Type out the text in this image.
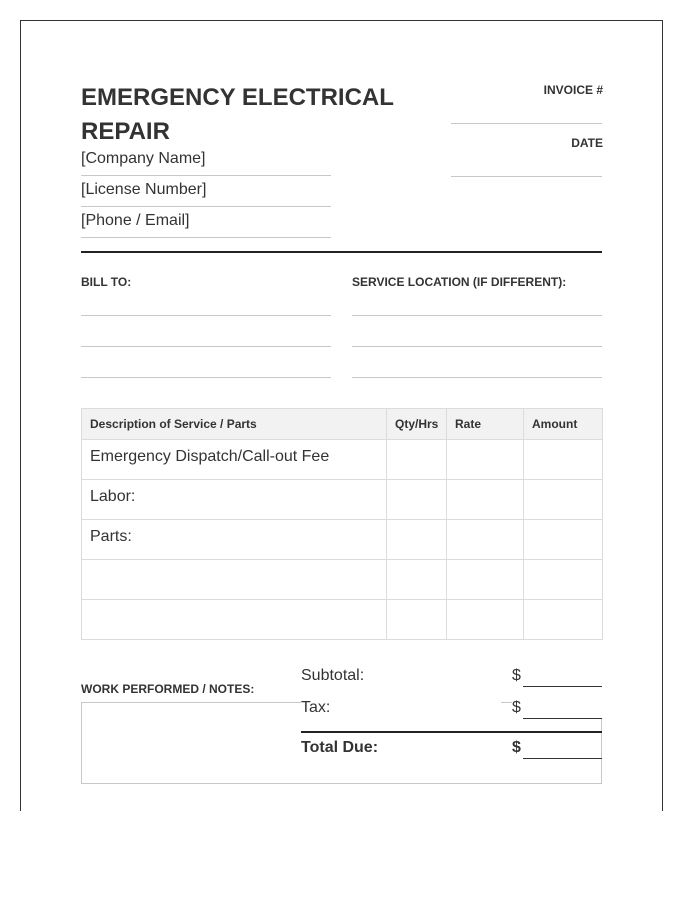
EMERGENCY ELECTRICAL REPAIR
[Company Name]
[License Number]
[Phone / Email]
INVOICE #
DATE
BILL TO:	SERVICE LOCATION (IF DIFFERENT):
Description of Service / Parts	Qty/Hrs	Rate	Amount

Emergency Dispatch/Call-out Fee			

Labor:			

Parts:			

WORK PERFORMED / NOTES:
Subtotal:	$
Tax:	$
Total Due:	$
